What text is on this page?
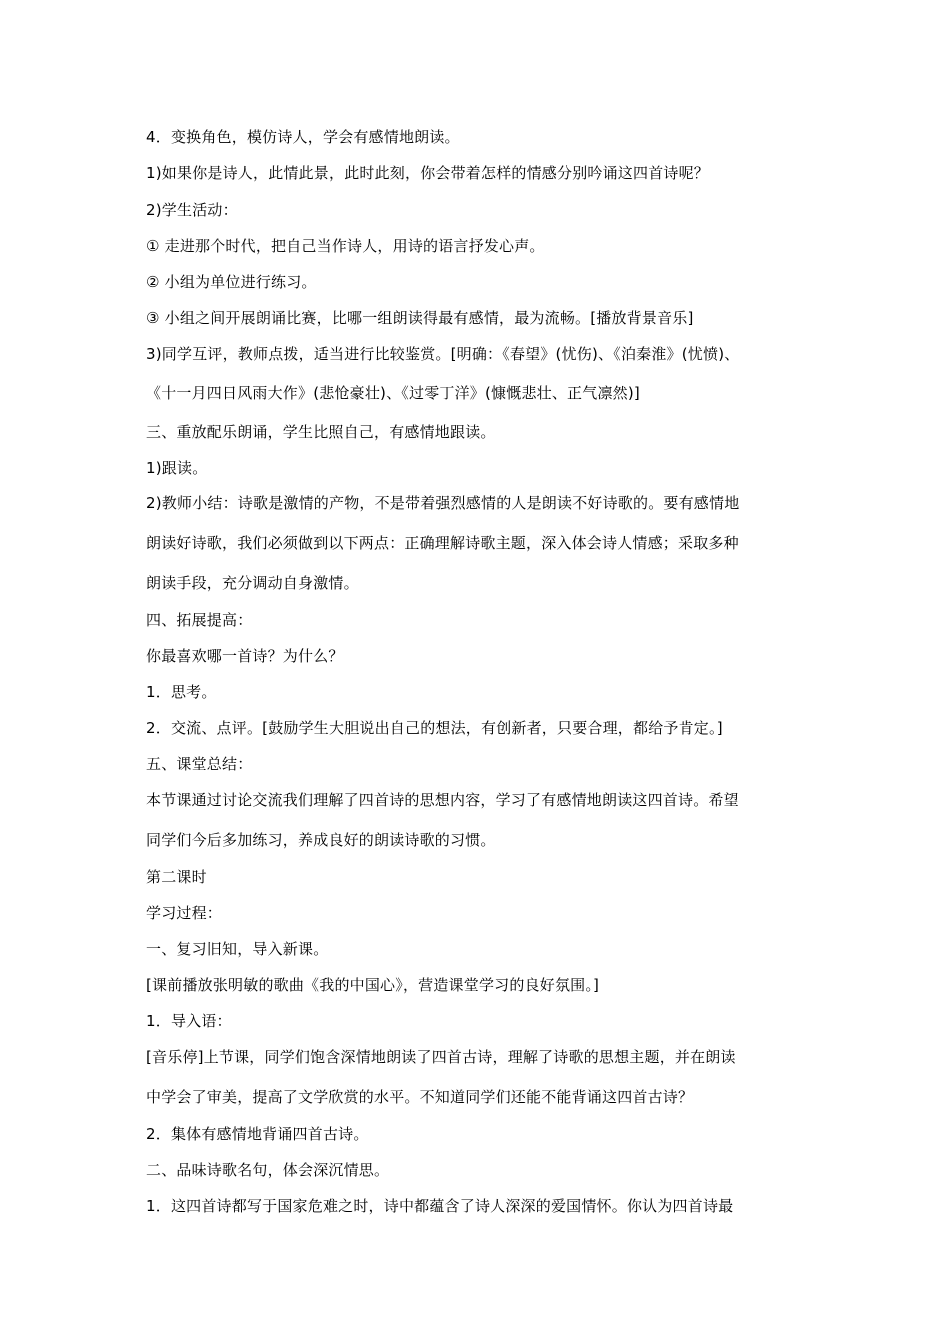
4．变换角色，模仿诗人，学会有感情地朗读。
1)如果你是诗人，此情此景，此时此刻，你会带着怎样的情感分别吟诵这四首诗呢？
2)学生活动：
① 走进那个时代，把自己当作诗人，用诗的语言抒发心声。
② 小组为单位进行练习。
③ 小组之间开展朗诵比赛，比哪一组朗读得最有感情，最为流畅。[播放背景音乐]
3)同学互评，教师点拨，适当进行比较鉴赏。[明确：《春望》(忧伤)、《泊秦淮》(忧愤)、
《十一月四日风雨大作》(悲怆豪壮)、《过零丁洋》(慷慨悲壮、正气凛然)]
三、重放配乐朗诵，学生比照自己，有感情地跟读。
1)跟读。
2)教师小结：诗歌是激情的产物，不是带着强烈感情的人是朗读不好诗歌的。要有感情地
朗读好诗歌，我们必须做到以下两点：正确理解诗歌主题，深入体会诗人情感；采取多种
朗读手段，充分调动自身激情。
四、拓展提高：
你最喜欢哪一首诗？为什么？
1．思考。
2．交流、点评。[鼓励学生大胆说出自己的想法，有创新者，只要合理，都给予肯定。]
五、课堂总结：
本节课通过讨论交流我们理解了四首诗的思想内容，学习了有感情地朗读这四首诗。希望
同学们今后多加练习，养成良好的朗读诗歌的习惯。
第二课时
学习过程：
一、复习旧知，导入新课。
[课前播放张明敏的歌曲《我的中国心》，营造课堂学习的良好氛围。]
1．导入语：
[音乐停]上节课，同学们饱含深情地朗读了四首古诗，理解了诗歌的思想主题，并在朗读
中学会了审美，提高了文学欣赏的水平。不知道同学们还能不能背诵这四首古诗？
2．集体有感情地背诵四首古诗。
二、品味诗歌名句，体会深沉情思。
1．这四首诗都写于国家危难之时，诗中都蕴含了诗人深深的爱国情怀。你认为四首诗最
